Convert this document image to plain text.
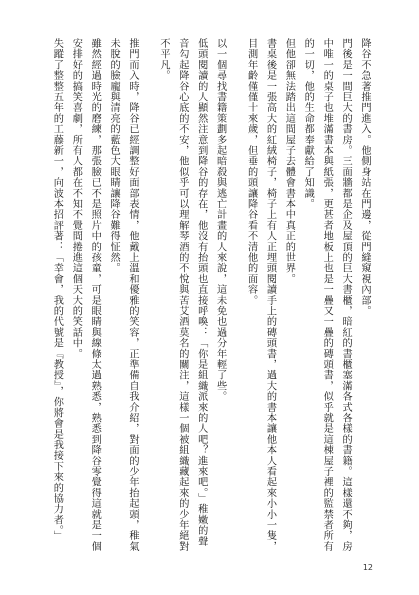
降谷不急著推門進入。他側身站在門邊，從門縫窺視內部。

門後是一間巨大的書房。三面牆都是企及屋頂的巨大書櫃，暗紅的書櫃塞滿各式各樣的書籍。這樣還不夠，房中唯一的桌子也堆滿書本與紙張，更甚者地板上也是一疊又一疊的磚頭書，似乎就是這棟屋子裡的監禁者所有的一切，他的生命都奉獻給了知識。

但他卻無法踏出這間屋子去體會書本中真正的世界。

書桌後是一張高大的紅絨椅子，椅子上有人正埋頭閱讀手上的磚頭書，過大的書本讓他本人看起來小小一隻，目測年齡僅僅十來歲，但垂的頭讓降谷看不清他的面容。

以一個尋找書籍策劃多起暗殺與逃亡計畫的人來說，這未免也過分年輕了些。

低頭閱讀的人顯然注意到降谷的存在，他沒有抬頭也直接呼喚：「你是組織派來的人吧？進來吧。」稚嫩的聲音勾起降谷心底的不安，他似乎可以理解琴酒的不悅與苦艾酒莫名的關注，這樣一個被組織藏起來的少年絕對不平凡。

推門而入時，降谷已經調整好面部表情，他戴上溫和優雅的笑容，正準備自我介紹，對面的少年抬起頭，稚氣未脫的臉龐與清亮的藍色大眼睛讓降谷難得怔然。

雖然經過時光的磨練，那張臉已不是照片中的孩童，可是眼睛與線條太過熟悉，熟悉到降谷零覺得這就是一個安排好的搞笑喜劇，所有人都在不知不覺間捲進這個天大的笑話中。

失蹤了整整五年的工藤新一，向波本招評著：「幸會，我的代號是『教授』，你將會是我接下來的協力者。」

12
